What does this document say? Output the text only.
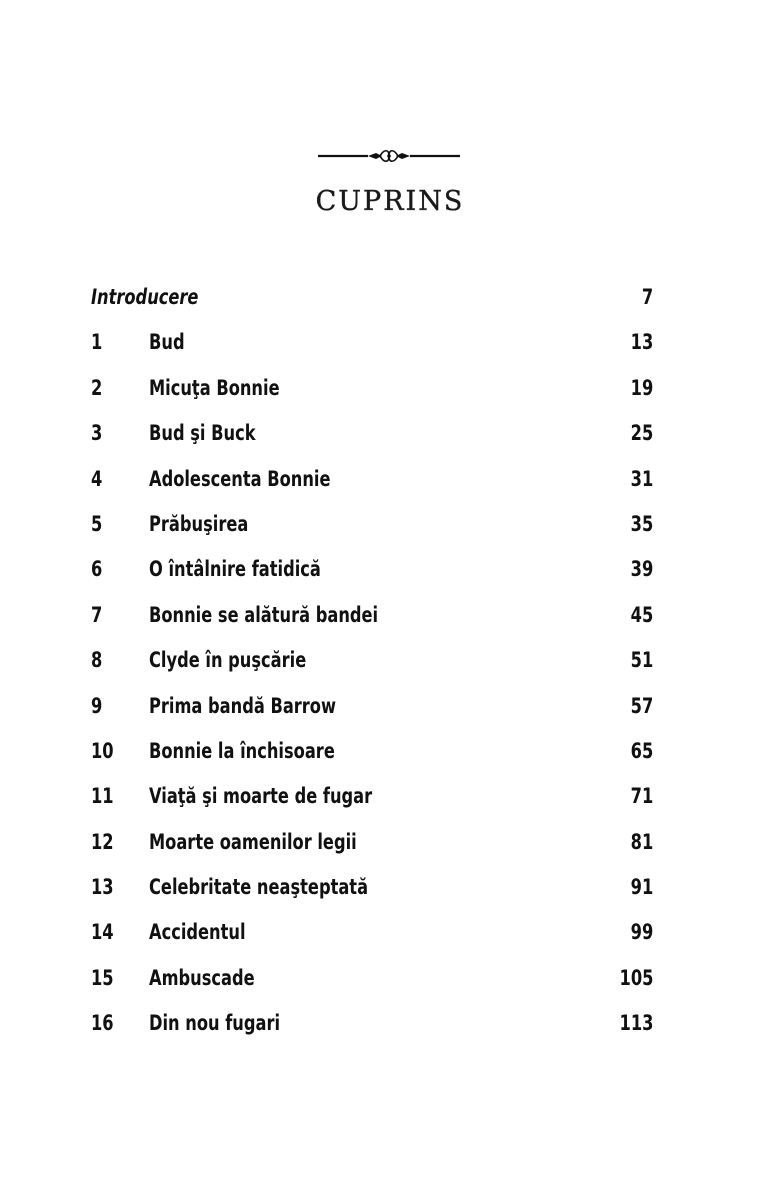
CUPRINS
Introducere	7
1 Bud	13
2 Micuţa Bonnie	19
3 Bud şi Buck	25
4 Adolescenta Bonnie	31
5 Prăbuşirea	35
6 O întâlnire fatidică	39
7 Bonnie se alătură bandei	45
8 Clyde în puşcărie	51
9 Prima bandă Barrow	57
10 Bonnie la închisoare	65
11 Viaţă şi moarte de fugar	71
12 Moarte oamenilor legii	81
13 Celebritate neaşteptată	91
14 Accidentul	99
15 Ambuscade	105
16 Din nou fugari	113
